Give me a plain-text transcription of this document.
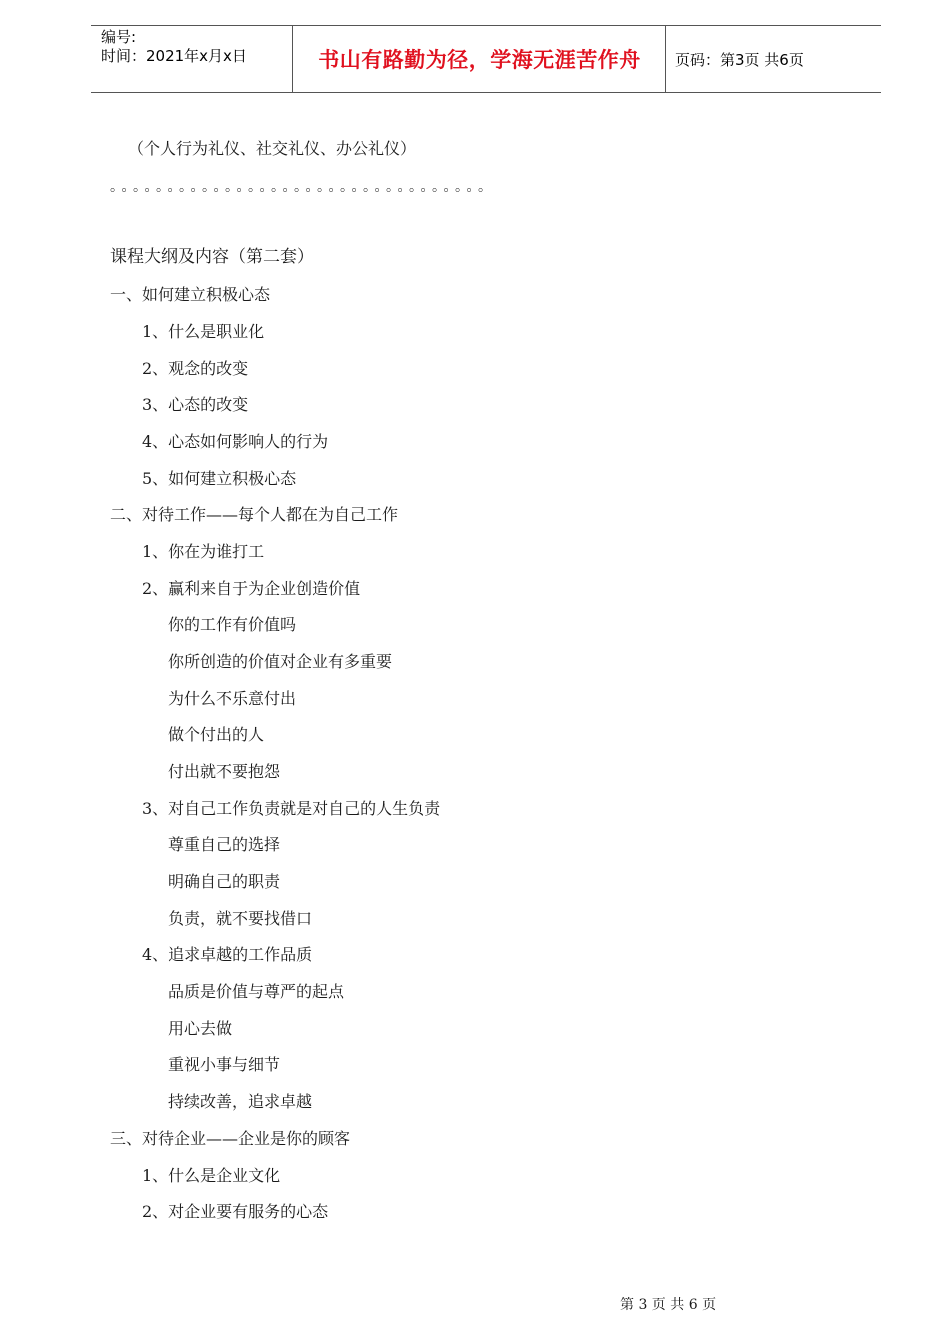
编号:
时间：2021年x月x日	书山有路勤为径，学海无涯苦作舟	页码：第3页 共6页
（个人行为礼仪、社交礼仪、办公礼仪）
。。。。。。。。。。。。。。。。。。。。。。。。。。。。。。。。。
课程大纲及内容（第二套）
一、如何建立积极心态
1、什么是职业化
2、观念的改变
3、心态的改变
4、心态如何影响人的行为
5、如何建立积极心态
二、对待工作——每个人都在为自己工作
1、你在为谁打工
2、赢利来自于为企业创造价值
你的工作有价值吗
你所创造的价值对企业有多重要
为什么不乐意付出
做个付出的人
付出就不要抱怨
3、对自己工作负责就是对自己的人生负责
尊重自己的选择
明确自己的职责
负责，就不要找借口
4、追求卓越的工作品质
品质是价值与尊严的起点
用心去做
重视小事与细节
持续改善，追求卓越
三、对待企业——企业是你的顾客
1、什么是企业文化
2、对企业要有服务的心态
第 3 页 共 6 页
